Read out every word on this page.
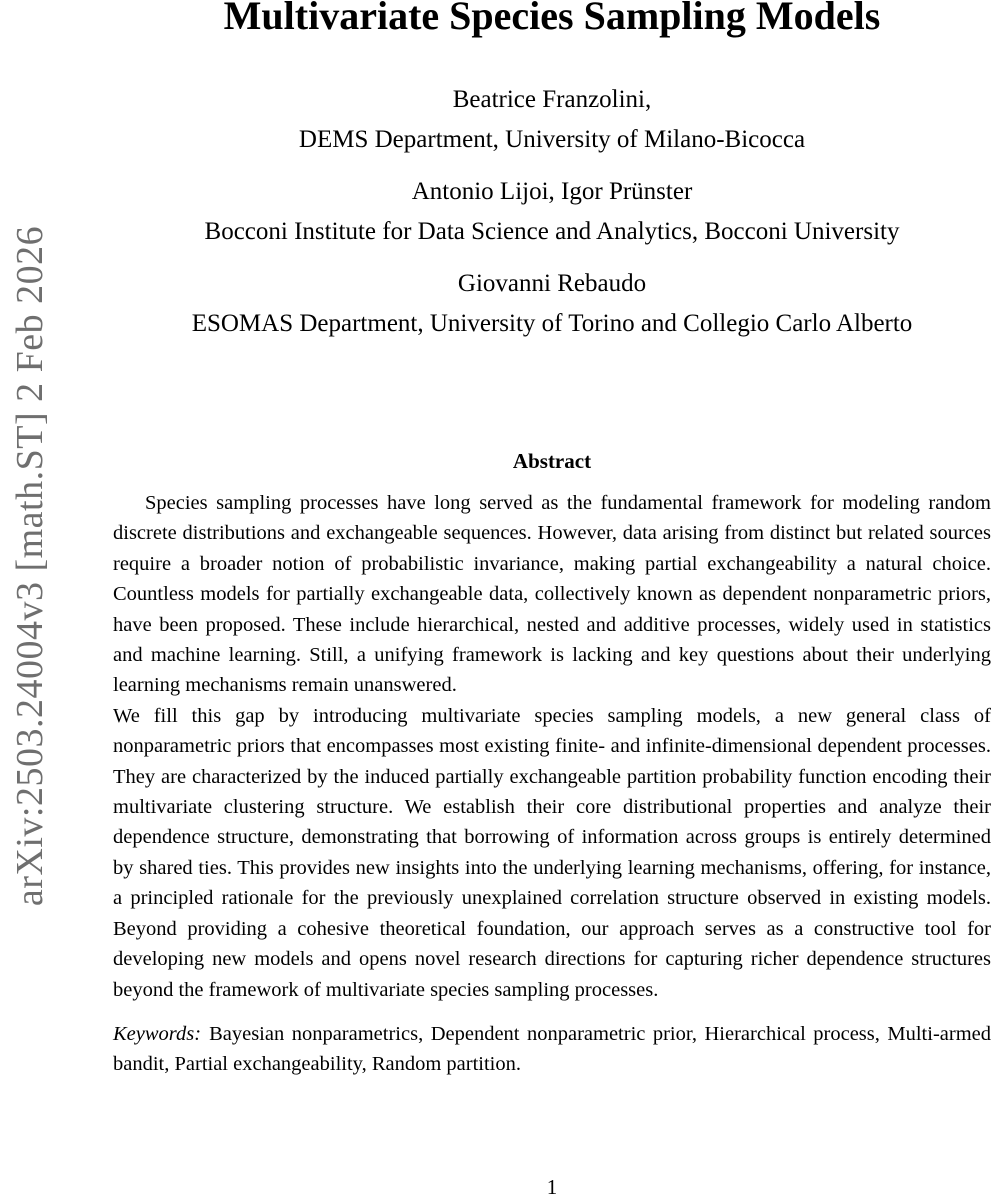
arXiv:2503.24004v3 [math.ST] 2 Feb 2026
Multivariate Species Sampling Models
Beatrice Franzolini,
DEMS Department, University of Milano-Bicocca
Antonio Lijoi, Igor Prünster
Bocconi Institute for Data Science and Analytics, Bocconi University
Giovanni Rebaudo
ESOMAS Department, University of Torino and Collegio Carlo Alberto
Abstract

Species sampling processes have long served as the fundamental framework for modeling random discrete distributions and exchangeable sequences. However, data arising from distinct but related sources require a broader notion of probabilistic invariance, making partial exchangeability a natural choice. Countless models for partially exchangeable data, collectively known as dependent nonparametric priors, have been proposed. These include hierarchical, nested and additive processes, widely used in statistics and machine learning. Still, a unifying framework is lacking and key questions about their underlying learning mechanisms remain unanswered.

We fill this gap by introducing multivariate species sampling models, a new general class of nonparametric priors that encompasses most existing finite- and infinite-dimensional dependent processes. They are characterized by the induced partially exchangeable partition probability function encoding their multivariate clustering structure. We establish their core distributional properties and analyze their dependence structure, demonstrating that borrowing of information across groups is entirely determined by shared ties. This provides new insights into the underlying learning mechanisms, offering, for instance, a principled rationale for the previously unexplained correlation structure observed in existing models. Beyond providing a cohesive theoretical foundation, our approach serves as a constructive tool for developing new models and opens novel research directions for capturing richer dependence structures beyond the framework of multivariate species sampling processes.

Keywords: Bayesian nonparametrics, Dependent nonparametric prior, Hierarchical process, Multi-armed bandit, Partial exchangeability, Random partition.

1
